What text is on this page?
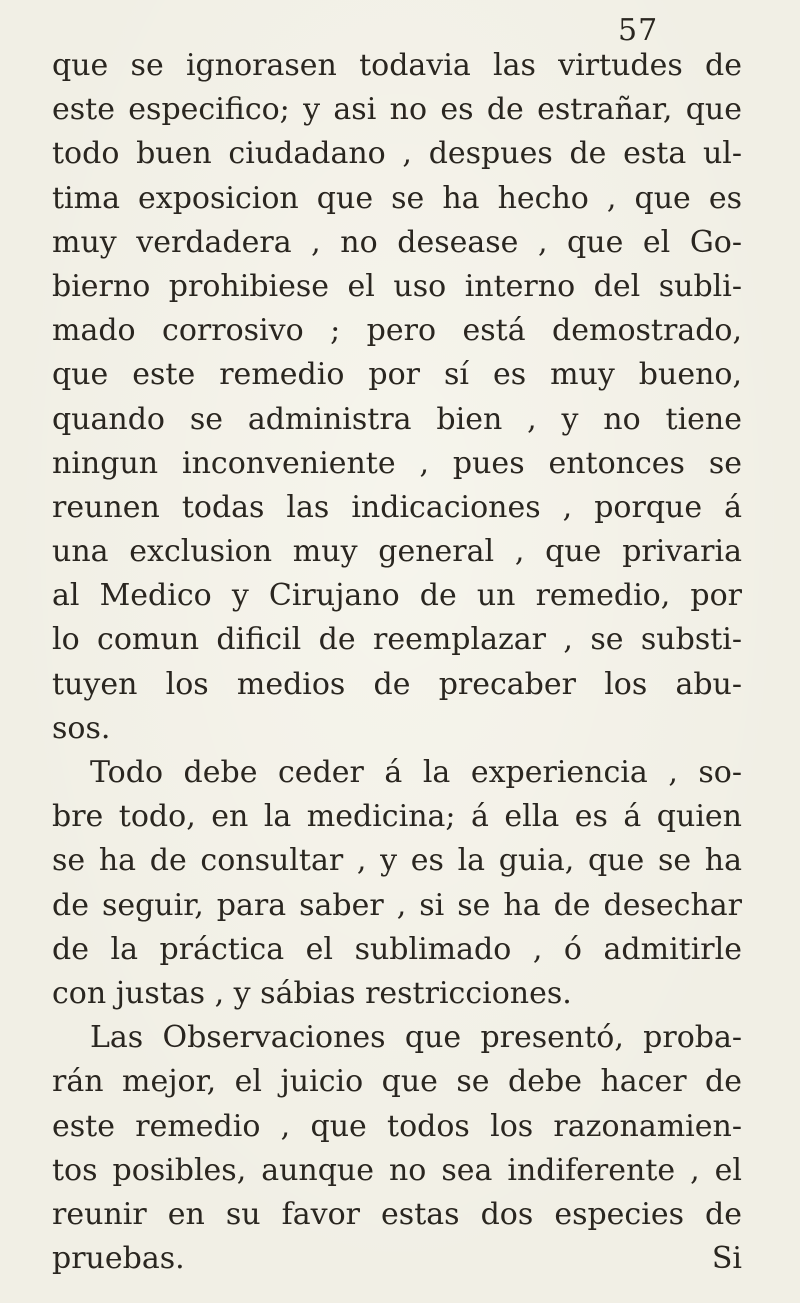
57
que se ignorasen todavia las virtudes de
este especifico; y asi no es de estrañar, que
todo buen ciudadano , despues de esta ul-
tima exposicion que se ha hecho , que es
muy verdadera , no desease , que el Go-
bierno prohibiese el uso interno del subli-
mado corrosivo ; pero está demostrado,
que este remedio por sí es muy bueno,
quando se administra bien , y no tiene
ningun inconveniente , pues entonces se
reunen todas las indicaciones , porque á
una exclusion muy general , que privaria
al Medico y Cirujano de un remedio, por
lo comun dificil de reemplazar , se substi-
tuyen los medios de precaber los abu-
sos.
Todo debe ceder á la experiencia , so-
bre todo, en la medicina; á ella es á quien
se ha de consultar , y es la guia, que se ha
de seguir, para saber , si se ha de desechar
de la práctica el sublimado , ó admitirle
con justas , y sábias restricciones.
Las Observaciones que presentó, proba-
rán mejor, el juicio que se debe hacer de
este remedio , que todos los razonamien-
tos posibles, aunque no sea indiferente , el
reunir en su favor estas dos especies de
pruebas.	Si
